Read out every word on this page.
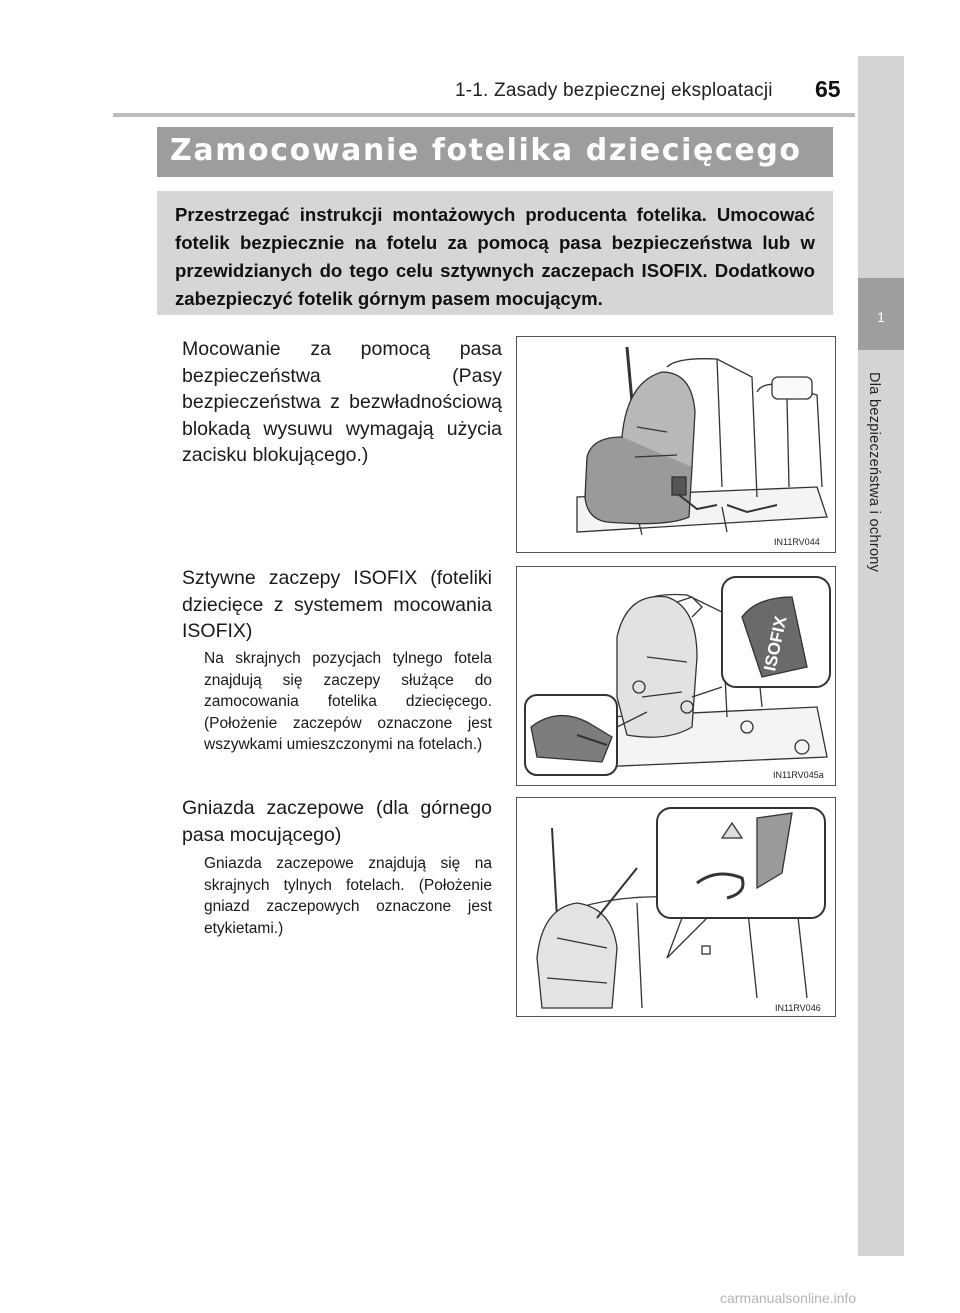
1-1. Zasady bezpiecznej eksploatacji 65
1
Dla bezpieczeństwa i ochrony
Zamocowanie fotelika dziecięcego
Przestrzegać instrukcji montażowych producenta fotelika. Umocować fotelik bezpiecznie na fotelu za pomocą pasa bezpieczeństwa lub w przewidzianych do tego celu sztywnych zaczepach ISOFIX. Dodatkowo zabezpieczyć fotelik górnym pasem mocującym.
Mocowanie za pomocą pasa bezpieczeństwa (Pasy bezpieczeństwa z bezwładnościową blokadą wysuwu wymagają użycia zacisku blokującego.)
IN11RV044
Sztywne zaczepy ISOFIX (foteliki dziecięce z systemem mocowania ISOFIX)
Na skrajnych pozycjach tylnego fotela znajdują się zaczepy służące do zamocowania fotelika dziecięcego. (Położenie zaczepów oznaczone jest wszywkami umieszczonymi na fotelach.)
ISOFIX
IN11RV045a
Gniazda zaczepowe (dla górnego pasa mocującego)
Gniazda zaczepowe znajdują się na skrajnych tylnych fotelach. (Położenie gniazd zaczepowych oznaczone jest etykietami.)
IN11RV046
carmanualsonline.info
